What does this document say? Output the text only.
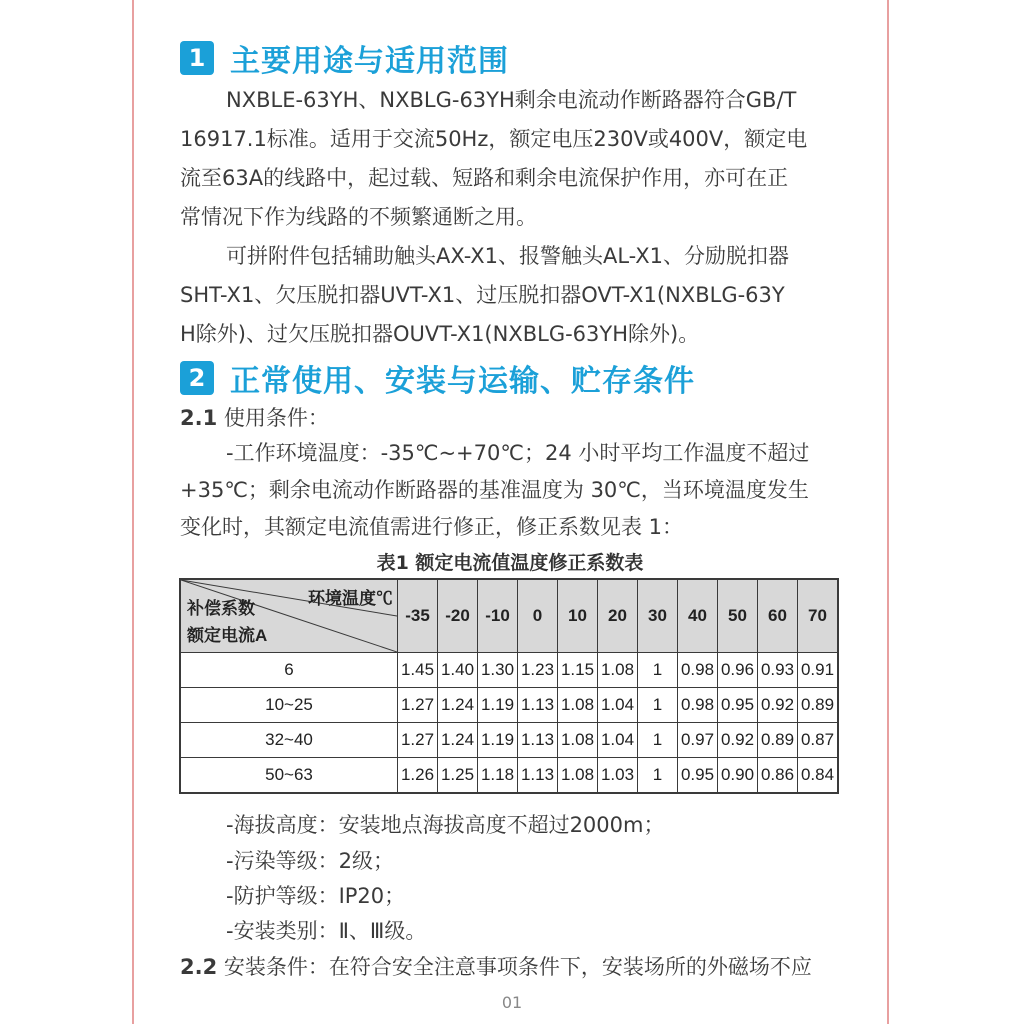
1 主要用途与适用范围
NXBLE-63YH、NXBLG-63YH剩余电流动作断路器符合GB/T
16917.1标准。适用于交流50Hz，额定电压230V或400V，额定电
流至63A的线路中，起过载、短路和剩余电流保护作用，亦可在正
常情况下作为线路的不频繁通断之用。
可拼附件包括辅助触头AX-X1、报警触头AL-X1、分励脱扣器
SHT-X1、欠压脱扣器UVT-X1、过压脱扣器OVT-X1(NXBLG-63Y
H除外)、过欠压脱扣器OUVT-X1(NXBLG-63YH除外)。
2 正常使用、安装与运输、贮存条件
2.1 使用条件：
-工作环境温度：-35℃~+70℃；24 小时平均工作温度不超过
+35℃；剩余电流动作断路器的基准温度为 30℃，当环境温度发生
变化时，其额定电流值需进行修正，修正系数见表 1：
表1 额定电流值温度修正系数表
环境温度℃
补偿系数
额定电流A	-35	-20	-10	0	10	20	30	40	50	60	70
6	1.45	1.40	1.30	1.23	1.15	1.08	1	0.98	0.96	0.93	0.91
10~25	1.27	1.24	1.19	1.13	1.08	1.04	1	0.98	0.95	0.92	0.89
32~40	1.27	1.24	1.19	1.13	1.08	1.04	1	0.97	0.92	0.89	0.87
50~63	1.26	1.25	1.18	1.13	1.08	1.03	1	0.95	0.90	0.86	0.84
-海拔高度：安装地点海拔高度不超过2000m；
-污染等级：2级；
-防护等级：IP20；
-安装类别：Ⅱ、Ⅲ级。
2.2 安装条件：在符合安全注意事项条件下，安装场所的外磁场不应
01
